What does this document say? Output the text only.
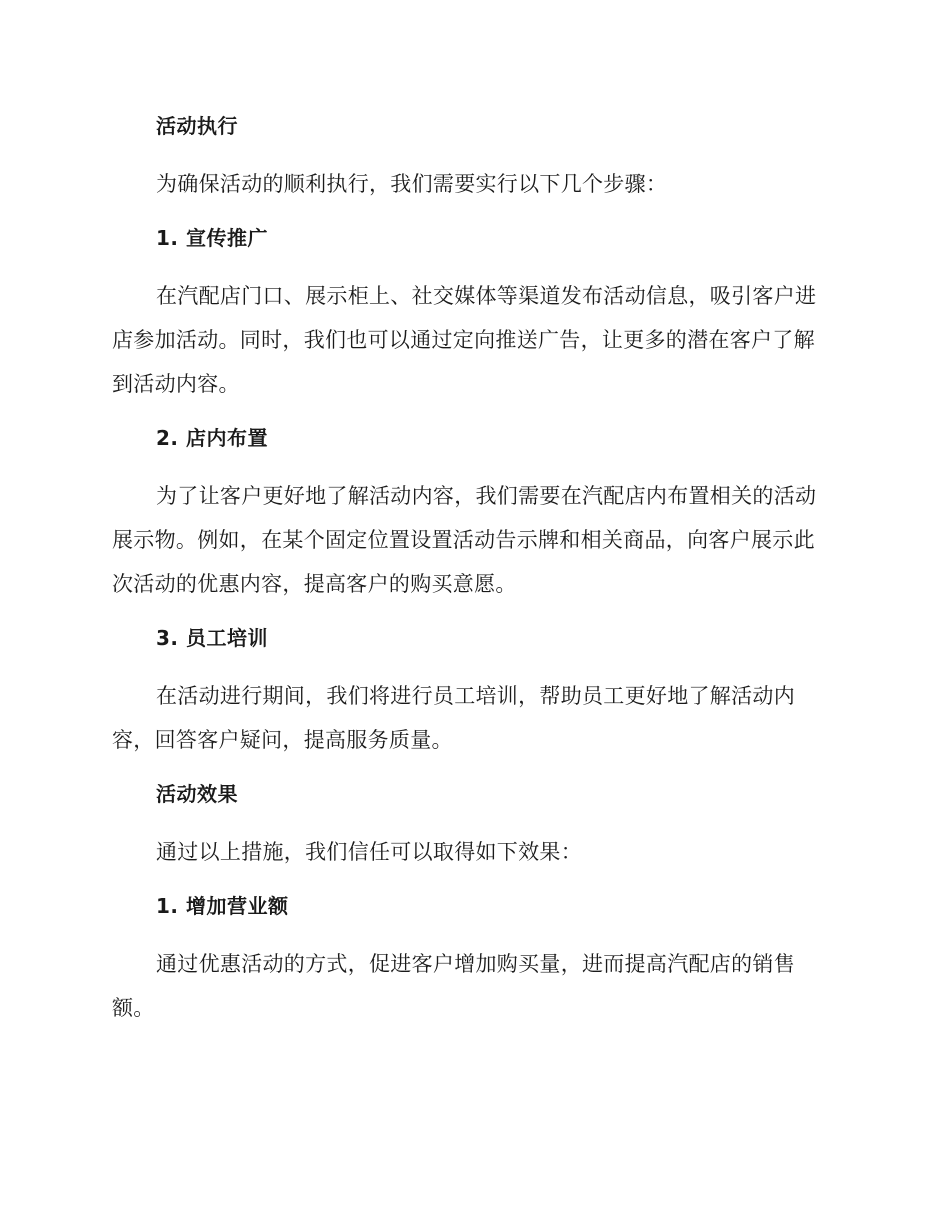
活动执行

为确保活动的顺利执行，我们需要实行以下几个步骤：

1. 宣传推广

在汽配店门口、展示柜上、社交媒体等渠道发布活动信息，吸引客户进
店参加活动。同时，我们也可以通过定向推送广告，让更多的潜在客户了解
到活动内容。

2. 店内布置

为了让客户更好地了解活动内容，我们需要在汽配店内布置相关的活动
展示物。例如，在某个固定位置设置活动告示牌和相关商品，向客户展示此
次活动的优惠内容，提高客户的购买意愿。

3. 员工培训

在活动进行期间，我们将进行员工培训，帮助员工更好地了解活动内
容，回答客户疑问，提高服务质量。

活动效果

通过以上措施，我们信任可以取得如下效果：

1. 增加营业额

通过优惠活动的方式，促进客户增加购买量，进而提高汽配店的销售
额。
